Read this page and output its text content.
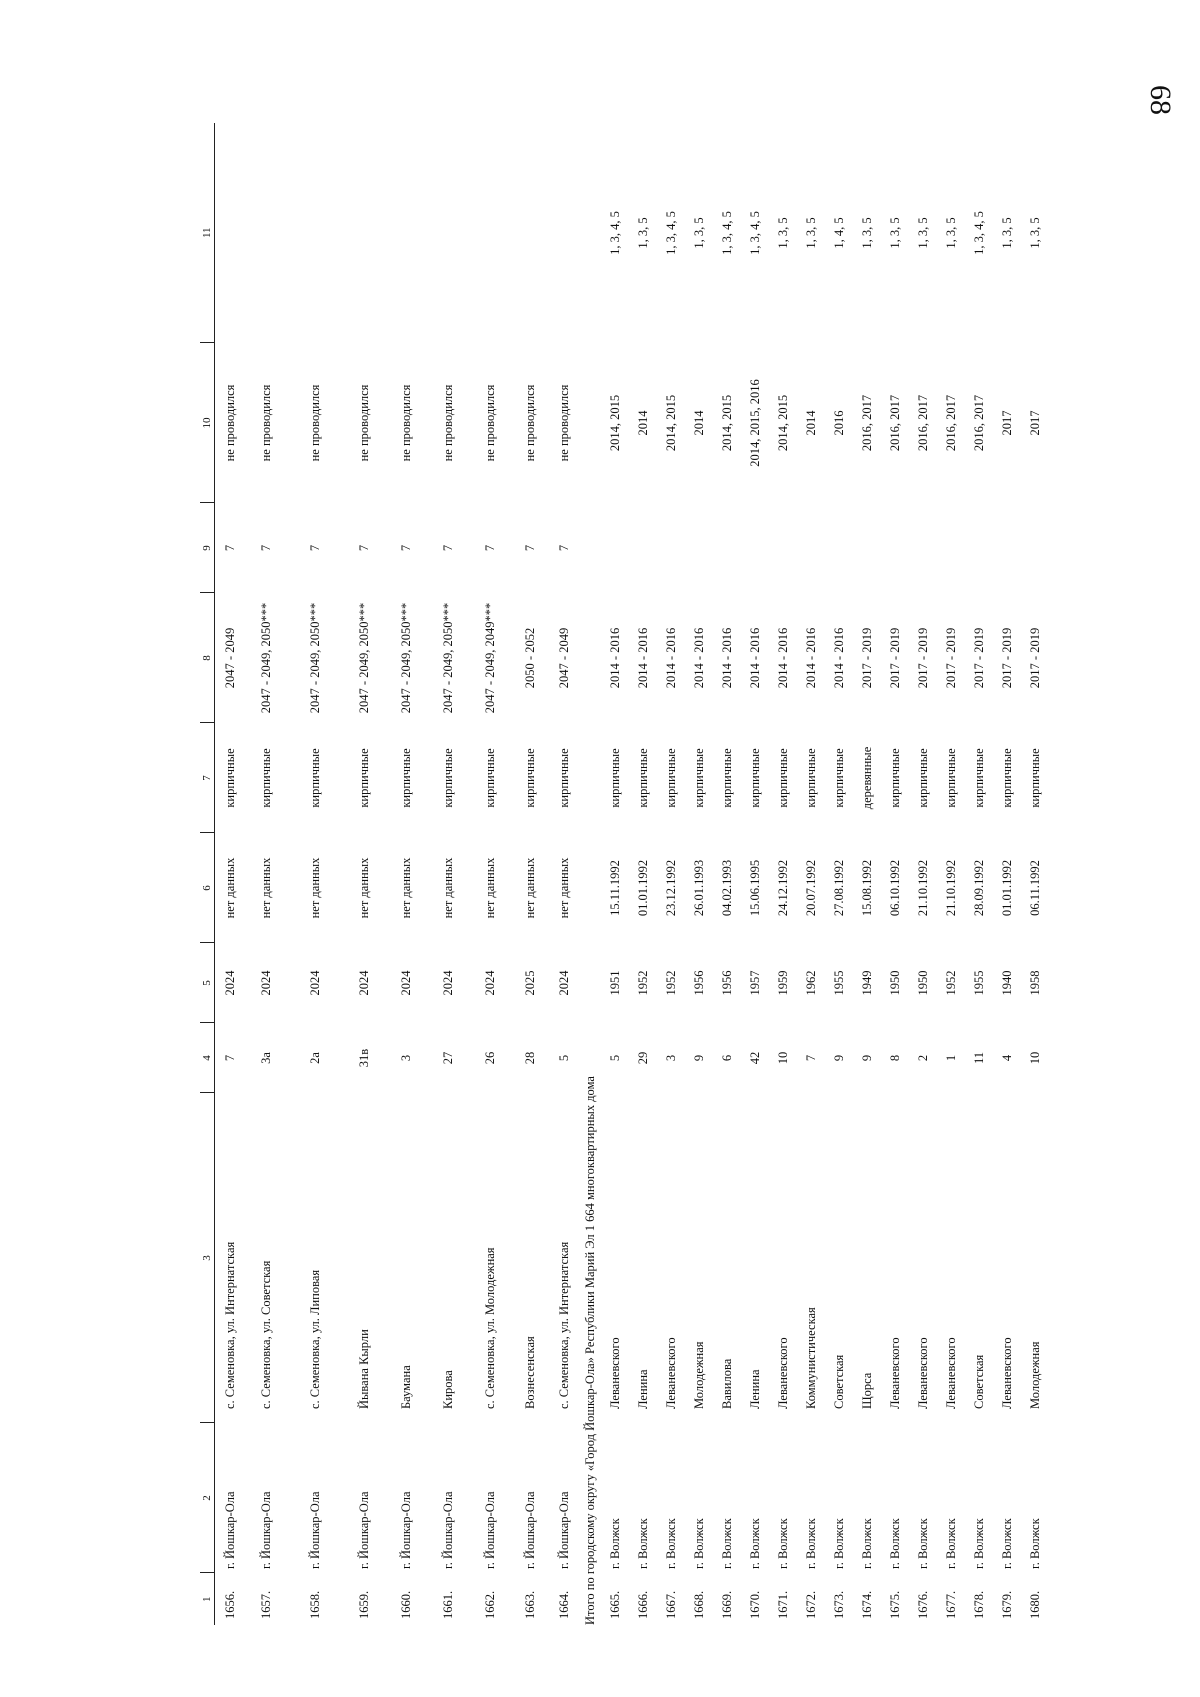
68
1	2	3	4	5	6	7	8	9	10	11
1656.	г. Йошкар-Ола	с. Семеновка, ул. Интернатская	7	2024	нет данных	кирпичные	2047 - 2049	7	не проводился	
1657.	г. Йошкар-Ола	с. Семеновка, ул. Советская	3а	2024	нет данных	кирпичные	2047 - 2049, 2050***	7	не проводился	
1658.	г. Йошкар-Ола	с. Семеновка, ул. Липовая	2а	2024	нет данных	кирпичные	2047 - 2049, 2050***	7	не проводился	
1659.	г. Йошкар-Ола	Йывана Кырли	31в	2024	нет данных	кирпичные	2047 - 2049, 2050***	7	не проводился	
1660.	г. Йошкар-Ола	Баумана	3	2024	нет данных	кирпичные	2047 - 2049, 2050***	7	не проводился	
1661.	г. Йошкар-Ола	Кирова	27	2024	нет данных	кирпичные	2047 - 2049, 2050***	7	не проводился	
1662.	г. Йошкар-Ола	с. Семеновка, ул. Молодежная	26	2024	нет данных	кирпичные	2047 - 2049, 2049***	7	не проводился	
1663.	г. Йошкар-Ола	Вознесенская	28	2025	нет данных	кирпичные	2050 - 2052	7	не проводился	
1664.	г. Йошкар-Ола	с. Семеновка, ул. Интернатская	5	2024	нет данных	кирпичные	2047 - 2049	7	не проводился	
Итого по городскому округу «Город Йошкар-Ола» Республики Марий Эл 1 664 многоквартирных дома										
1665.	г. Волжск	Леваневского	5	1951	15.11.1992	кирпичные	2014 - 2016		2014, 2015	1, 3, 4, 5
1666.	г. Волжск	Ленина	29	1952	01.01.1992	кирпичные	2014 - 2016		2014	1, 3, 5
1667.	г. Волжск	Леваневского	3	1952	23.12.1992	кирпичные	2014 - 2016		2014, 2015	1, 3, 4, 5
1668.	г. Волжск	Молодежная	9	1956	26.01.1993	кирпичные	2014 - 2016		2014	1, 3, 5
1669.	г. Волжск	Вавилова	6	1956	04.02.1993	кирпичные	2014 - 2016		2014, 2015	1, 3, 4, 5
1670.	г. Волжск	Ленина	42	1957	15.06.1995	кирпичные	2014 - 2016		2014, 2015, 2016	1, 3, 4, 5
1671.	г. Волжск	Леваневского	10	1959	24.12.1992	кирпичные	2014 - 2016		2014, 2015	1, 3, 5
1672.	г. Волжск	Коммунистическая	7	1962	20.07.1992	кирпичные	2014 - 2016		2014	1, 3, 5
1673.	г. Волжск	Советская	9	1955	27.08.1992	кирпичные	2014 - 2016		2016	1, 4, 5
1674.	г. Волжск	Щорса	9	1949	15.08.1992	деревянные	2017 - 2019		2016, 2017	1, 3, 5
1675.	г. Волжск	Леваневского	8	1950	06.10.1992	кирпичные	2017 - 2019		2016, 2017	1, 3, 5
1676.	г. Волжск	Леваневского	2	1950	21.10.1992	кирпичные	2017 - 2019		2016, 2017	1, 3, 5
1677.	г. Волжск	Леваневского	1	1952	21.10.1992	кирпичные	2017 - 2019		2016, 2017	1, 3, 5
1678.	г. Волжск	Советская	11	1955	28.09.1992	кирпичные	2017 - 2019		2016, 2017	1, 3, 4, 5
1679.	г. Волжск	Леваневского	4	1940	01.01.1992	кирпичные	2017 - 2019		2017	1, 3, 5
1680.	г. Волжск	Молодежная	10	1958	06.11.1992	кирпичные	2017 - 2019		2017	1, 3, 5
